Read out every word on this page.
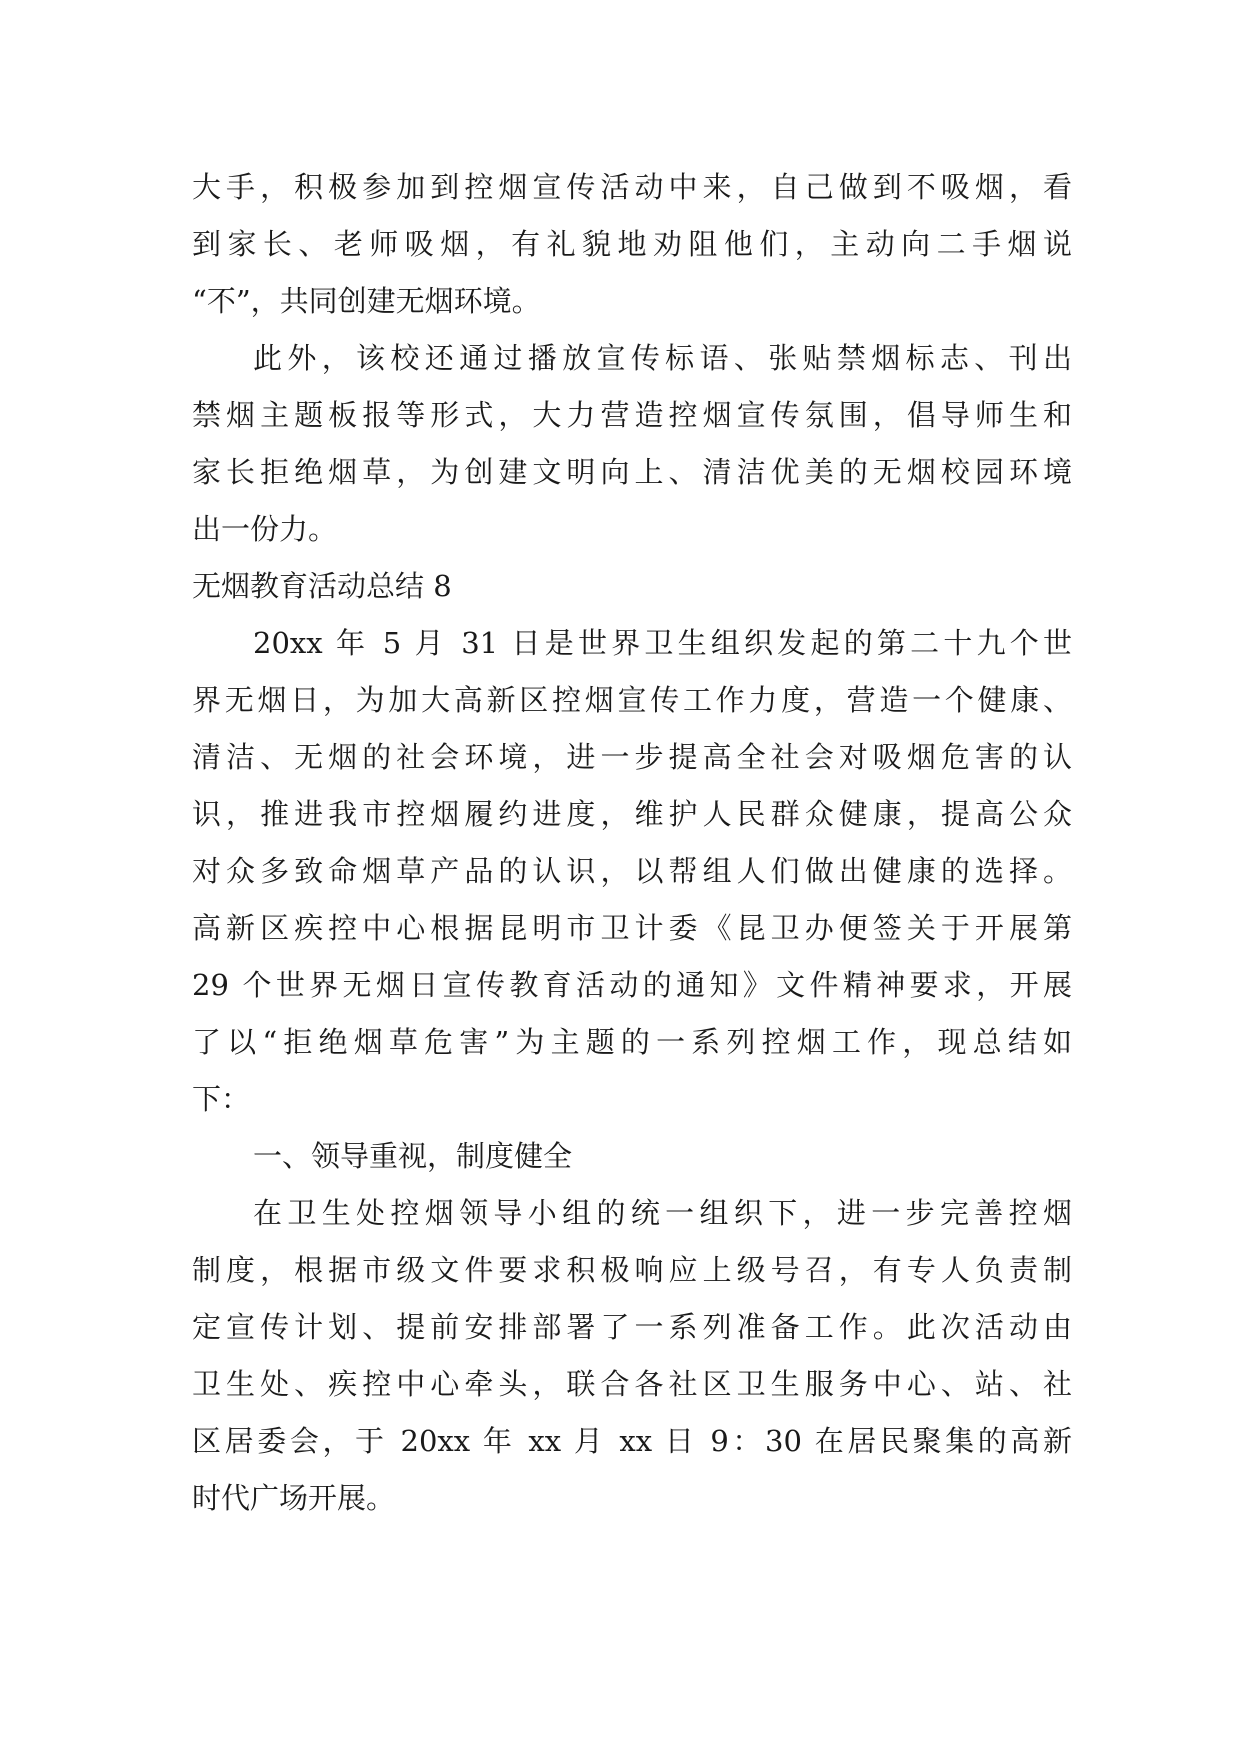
大手，积极参加到控烟宣传活动中来，自己做到不吸烟，看
到家长、老师吸烟，有礼貌地劝阻他们，主动向二手烟说
“不”，共同创建无烟环境。
此外，该校还通过播放宣传标语、张贴禁烟标志、刊出
禁烟主题板报等形式，大力营造控烟宣传氛围，倡导师生和
家长拒绝烟草，为创建文明向上、清洁优美的无烟校园环境
出一份力。
无烟教育活动总结 8
20xx 年 5 月 31 日是世界卫生组织发起的第二十九个世
界无烟日，为加大高新区控烟宣传工作力度，营造一个健康、
清洁、无烟的社会环境，进一步提高全社会对吸烟危害的认
识，推进我市控烟履约进度，维护人民群众健康，提高公众
对众多致命烟草产品的认识，以帮组人们做出健康的选择。
高新区疾控中心根据昆明市卫计委《昆卫办便签关于开展第
29 个世界无烟日宣传教育活动的通知》文件精神要求，开展
了以“拒绝烟草危害”为主题的一系列控烟工作，现总结如
下：
一、领导重视，制度健全
在卫生处控烟领导小组的统一组织下，进一步完善控烟
制度，根据市级文件要求积极响应上级号召，有专人负责制
定宣传计划、提前安排部署了一系列准备工作。此次活动由
卫生处、疾控中心牵头，联合各社区卫生服务中心、站、社
区居委会，于 20xx 年 xx 月 xx 日 9：30 在居民聚集的高新
时代广场开展。
